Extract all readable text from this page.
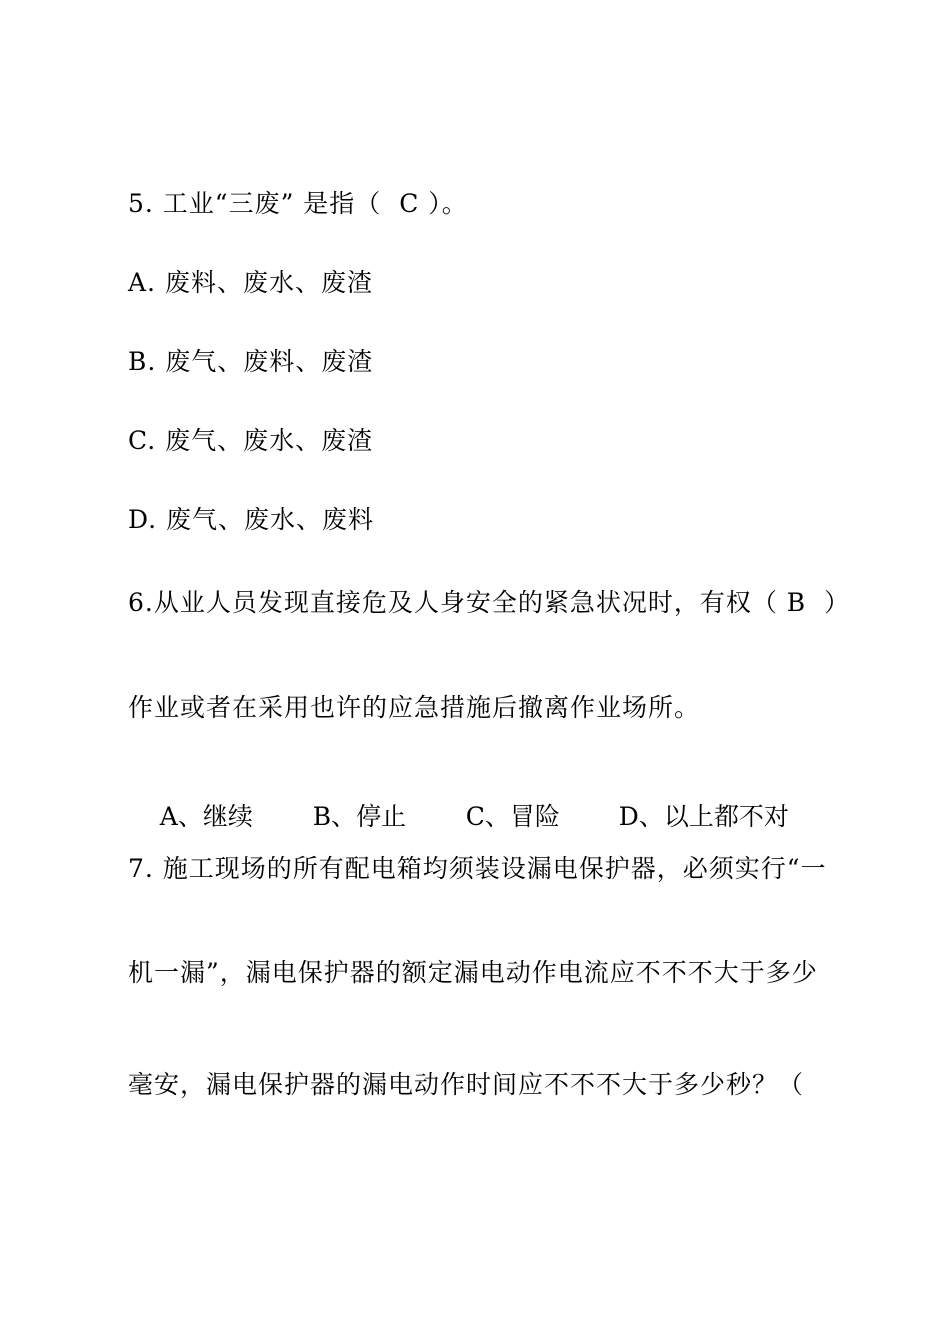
5. 工业“三废” 是指（  C ）。
A. 废料、废水、废渣
B. 废气、废料、废渣
C. 废气、废水、废渣
D. 废气、废水、废料
6.从业人员发现直接危及人身安全的紧急状况时，有权（ B  ）
作业或者在采用也许的应急措施后撤离作业场所。

A、继续 B、停止 C、冒险 D、以上都不对

7. 施工现场的所有配电箱均须装设漏电保护器，必须实行“一
机一漏”，漏电保护器的额定漏电动作电流应不不不大于多少
毫安，漏电保护器的漏电动作时间应不不不大于多少秒？（
